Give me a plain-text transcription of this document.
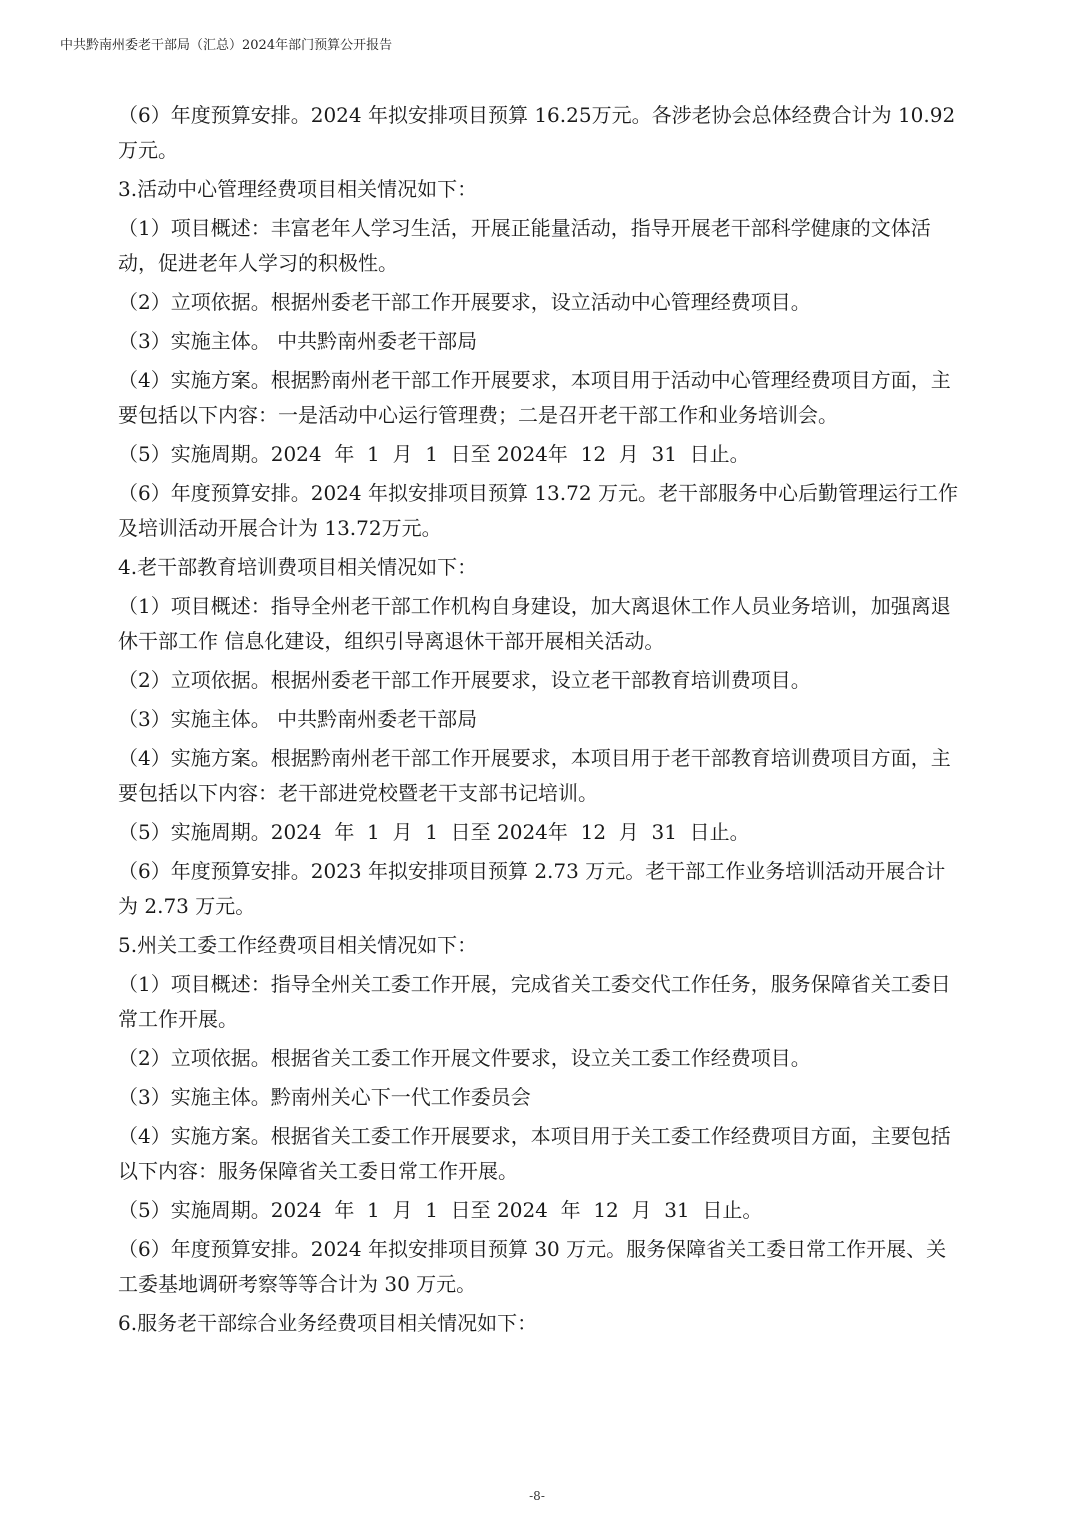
中共黔南州委老干部局（汇总）2024年部门预算公开报告

（6）年度预算安排。2024 年拟安排项目预算 16.25万元。各涉老协会总体经费合计为 10.92 万元。

3.活动中心管理经费项目相关情况如下：

（1）项目概述：丰富老年人学习生活，开展正能量活动，指导开展老干部科学健康的文体活动，促进老年人学习的积极性。

（2）立项依据。根据州委老干部工作开展要求，设立活动中心管理经费项目。

（3）实施主体。 中共黔南州委老干部局

（4）实施方案。根据黔南州老干部工作开展要求，本项目用于活动中心管理经费项目方面，主要包括以下内容：一是活动中心运行管理费；二是召开老干部工作和业务培训会。

（5）实施周期。2024  年  1  月  1  日至 2024年  12  月  31  日止。

（6）年度预算安排。2024 年拟安排项目预算 13.72 万元。老干部服务中心后勤管理运行工作及培训活动开展合计为 13.72万元。

4.老干部教育培训费项目相关情况如下：

（1）项目概述：指导全州老干部工作机构自身建设，加大离退休工作人员业务培训，加强离退休干部工作 信息化建设，组织引导离退休干部开展相关活动。

（2）立项依据。根据州委老干部工作开展要求，设立老干部教育培训费项目。

（3）实施主体。 中共黔南州委老干部局

（4）实施方案。根据黔南州老干部工作开展要求，本项目用于老干部教育培训费项目方面，主要包括以下内容：老干部进党校暨老干支部书记培训。

（5）实施周期。2024  年  1  月  1  日至 2024年  12  月  31  日止。

（6）年度预算安排。2023 年拟安排项目预算 2.73 万元。老干部工作业务培训活动开展合计为 2.73 万元。

5.州关工委工作经费项目相关情况如下：

（1）项目概述：指导全州关工委工作开展，完成省关工委交代工作任务，服务保障省关工委日常工作开展。

（2）立项依据。根据省关工委工作开展文件要求，设立关工委工作经费项目。

（3）实施主体。黔南州关心下一代工作委员会

（4）实施方案。根据省关工委工作开展要求，本项目用于关工委工作经费项目方面，主要包括以下内容：服务保障省关工委日常工作开展。

（5）实施周期。2024  年  1  月  1  日至 2024  年  12  月  31  日止。

（6）年度预算安排。2024 年拟安排项目预算 30 万元。服务保障省关工委日常工作开展、关工委基地调研考察等等合计为 30 万元。

6.服务老干部综合业务经费项目相关情况如下：

-8-
